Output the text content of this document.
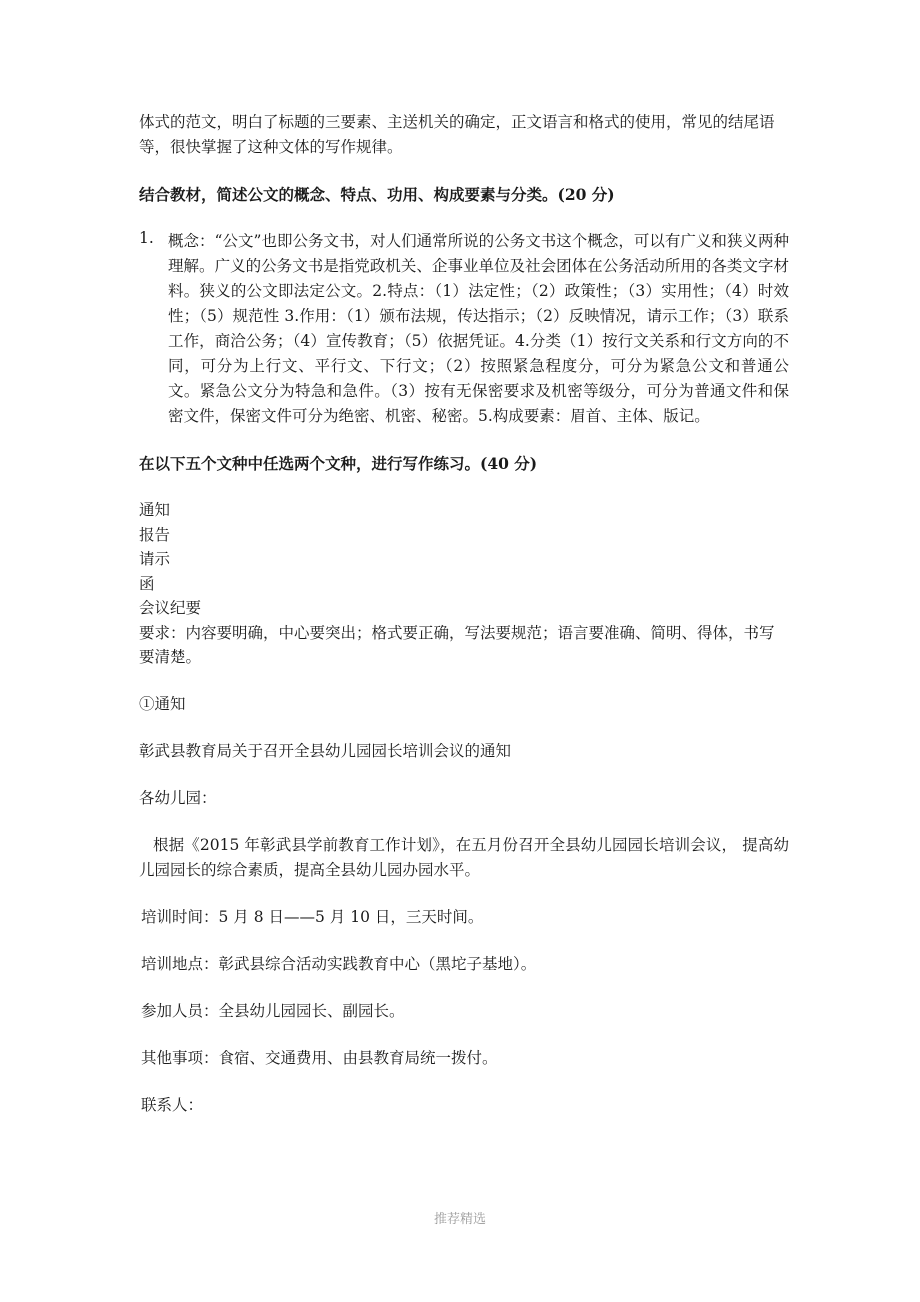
体式的范文，明白了标题的三要素、主送机关的确定，正文语言和格式的使用，常见的结尾语等，很快掌握了这种文体的写作规律。

结合教材，简述公文的概念、特点、功用、构成要素与分类。(20 分)

1. 概念：“公文”也即公务文书，对人们通常所说的公务文书这个概念，可以有广义和狭义两种理解。广义的公务文书是指党政机关、企事业单位及社会团体在公务活动所用的各类文字材料。狭义的公文即法定公文。2.特点：（1）法定性；（2）政策性；（3）实用性；（4）时效性；（5）规范性 3.作用：（1）颁布法规，传达指示；（2）反映情况，请示工作；（3）联系工作，商洽公务；（4）宣传教育；（5）依据凭证。4.分类（1）按行文关系和行文方向的不同，可分为上行文、平行文、下行文；（2）按照紧急程度分，可分为紧急公文和普通公文。紧急公文分为特急和急件。（3）按有无保密要求及机密等级分，可分为普通文件和保密文件，保密文件可分为绝密、机密、秘密。5.构成要素：眉首、主体、版记。

在以下五个文种中任选两个文种，进行写作练习。(40 分)

通知

报告

请示

函

会议纪要

要求：内容要明确，中心要突出；格式要正确，写法要规范；语言要准确、简明、得体，书写要清楚。

①通知

彰武县教育局关于召开全县幼儿园园长培训会议的通知

各幼儿园：

根据《2015 年彰武县学前教育工作计划》，在五月份召开全县幼儿园园长培训会议， 提高幼儿园园长的综合素质，提高全县幼儿园办园水平。

培训时间：5 月 8 日——5 月 10 日，三天时间。

培训地点：彰武县综合活动实践教育中心（黑坨子基地）。

参加人员：全县幼儿园园长、副园长。

其他事项：食宿、交通费用、由县教育局统一拨付。

联系人：

推荐精选
